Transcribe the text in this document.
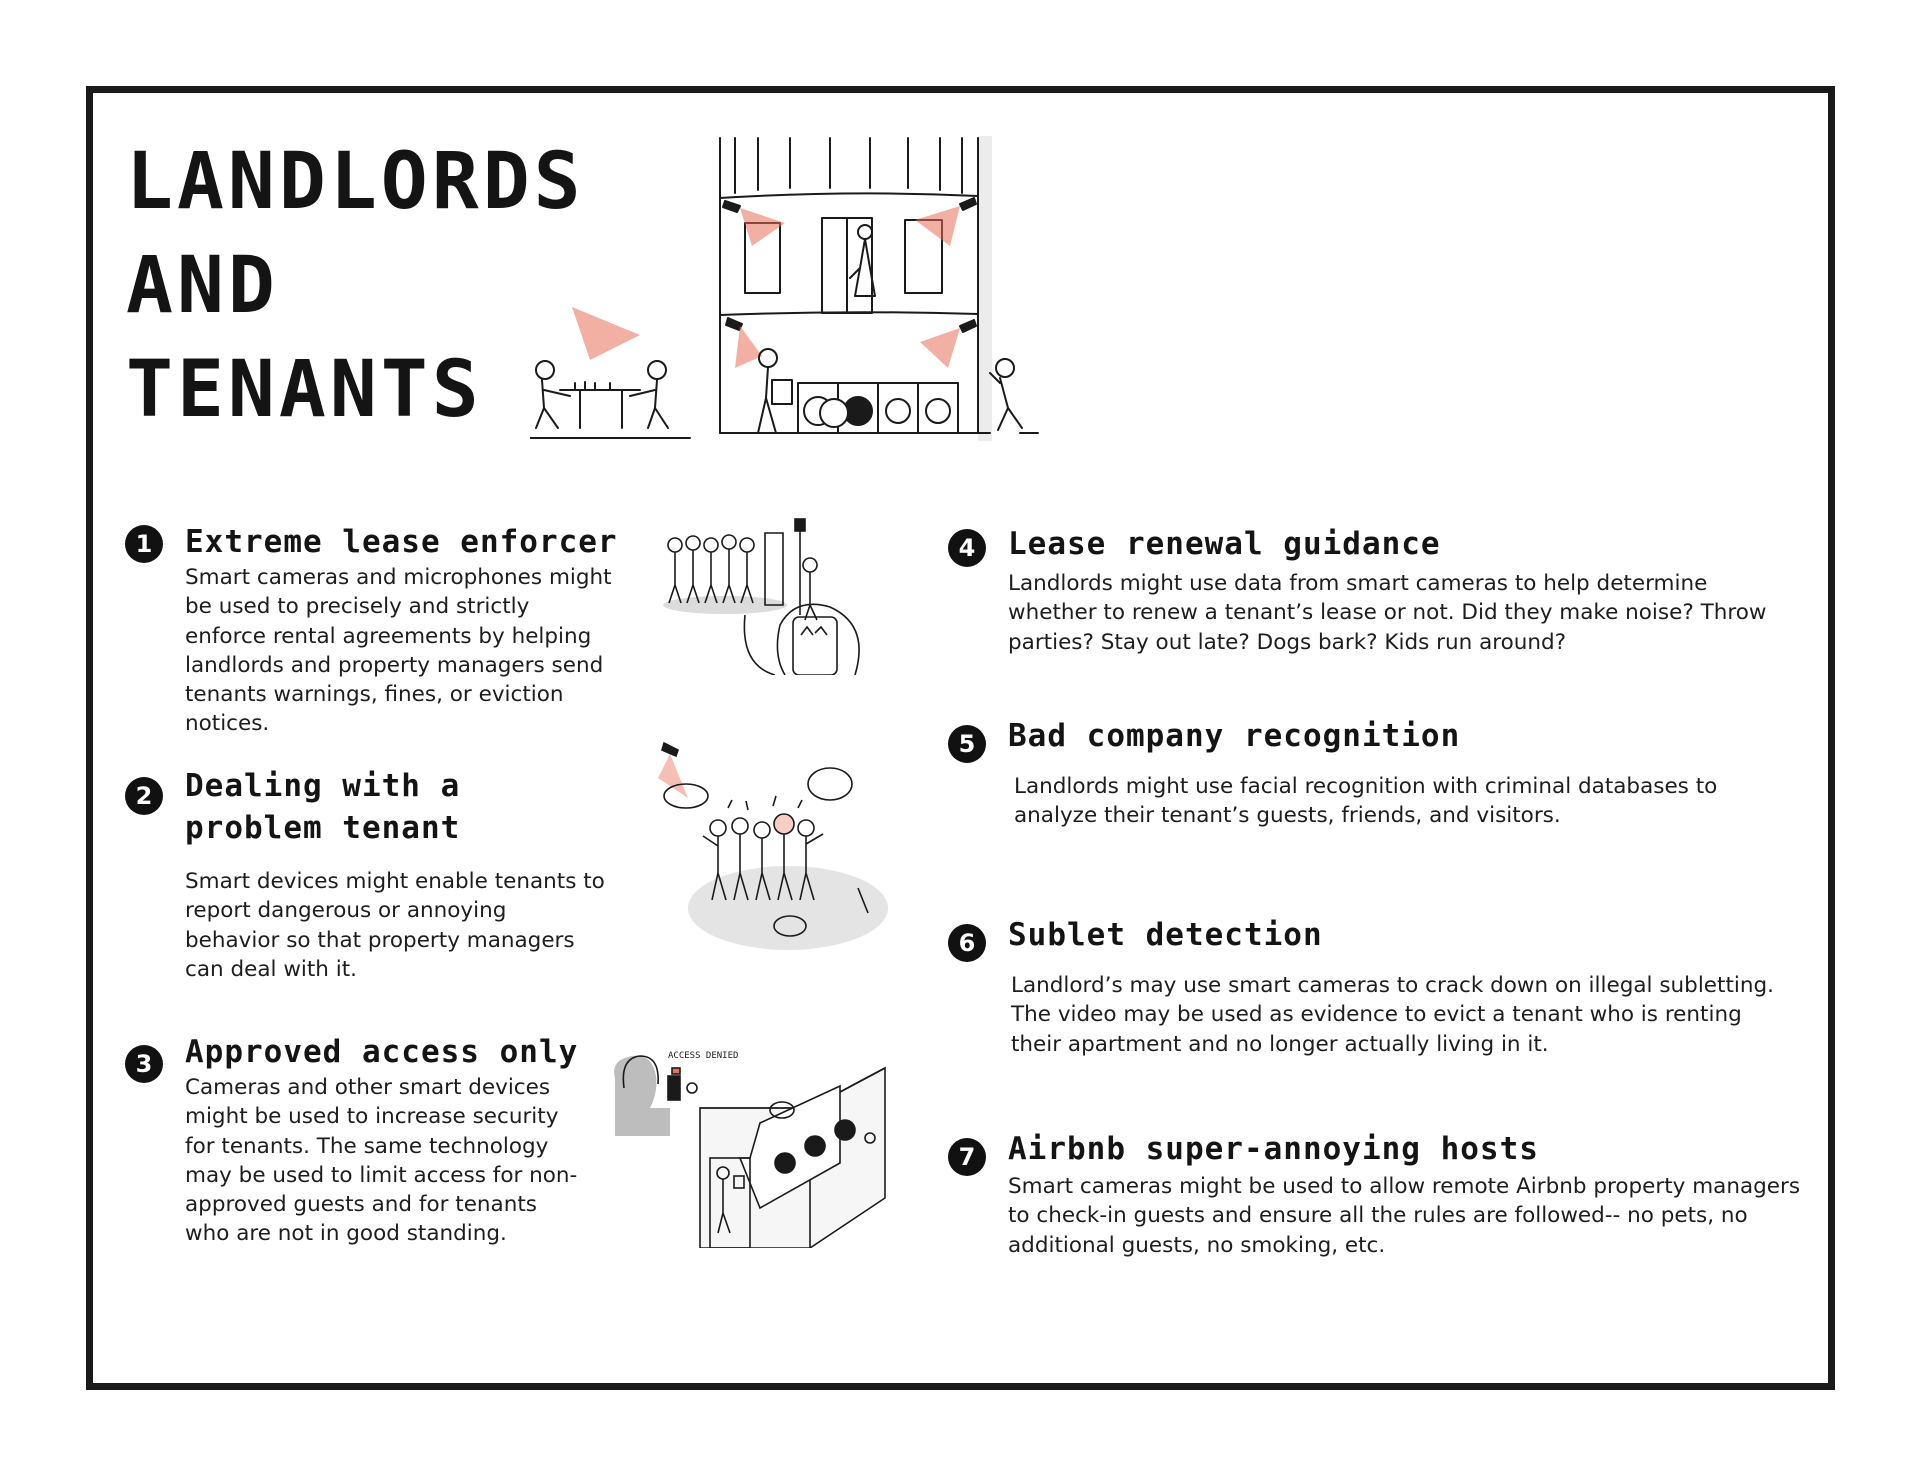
LANDLORDS
AND
TENANTS
1	Extreme lease enforcer

Smart cameras and microphones might be used to precisely and strictly enforce rental agreements by helping landlords and property managers send tenants warnings, fines, or eviction notices.

2	Dealing with a
problem tenant

Smart devices might enable tenants to report dangerous or annoying behavior so that property managers can deal with it.

3	Approved access only

Cameras and other smart devices might be used to increase security for tenants. The same technology may be used to limit access for non-approved guests and for tenants who are not in good standing.

ACCESS DENIED
4	Lease renewal guidance

Landlords might use data from smart cameras to help determine whether to renew a tenant’s lease or not. Did they make noise? Throw parties? Stay out late? Dogs bark? Kids run around?

5	Bad company recognition

Landlords might use facial recognition with criminal databases to analyze their tenant’s guests, friends, and visitors.

6	Sublet detection

Landlord’s may use smart cameras to crack down on illegal subletting. The video may be used as evidence to evict a tenant who is renting their apartment and no longer actually living in it.

7	Airbnb super-annoying hosts

Smart cameras might be used to allow remote Airbnb property managers to check-in guests and ensure all the rules are followed-- no pets, no additional guests, no smoking, etc.
